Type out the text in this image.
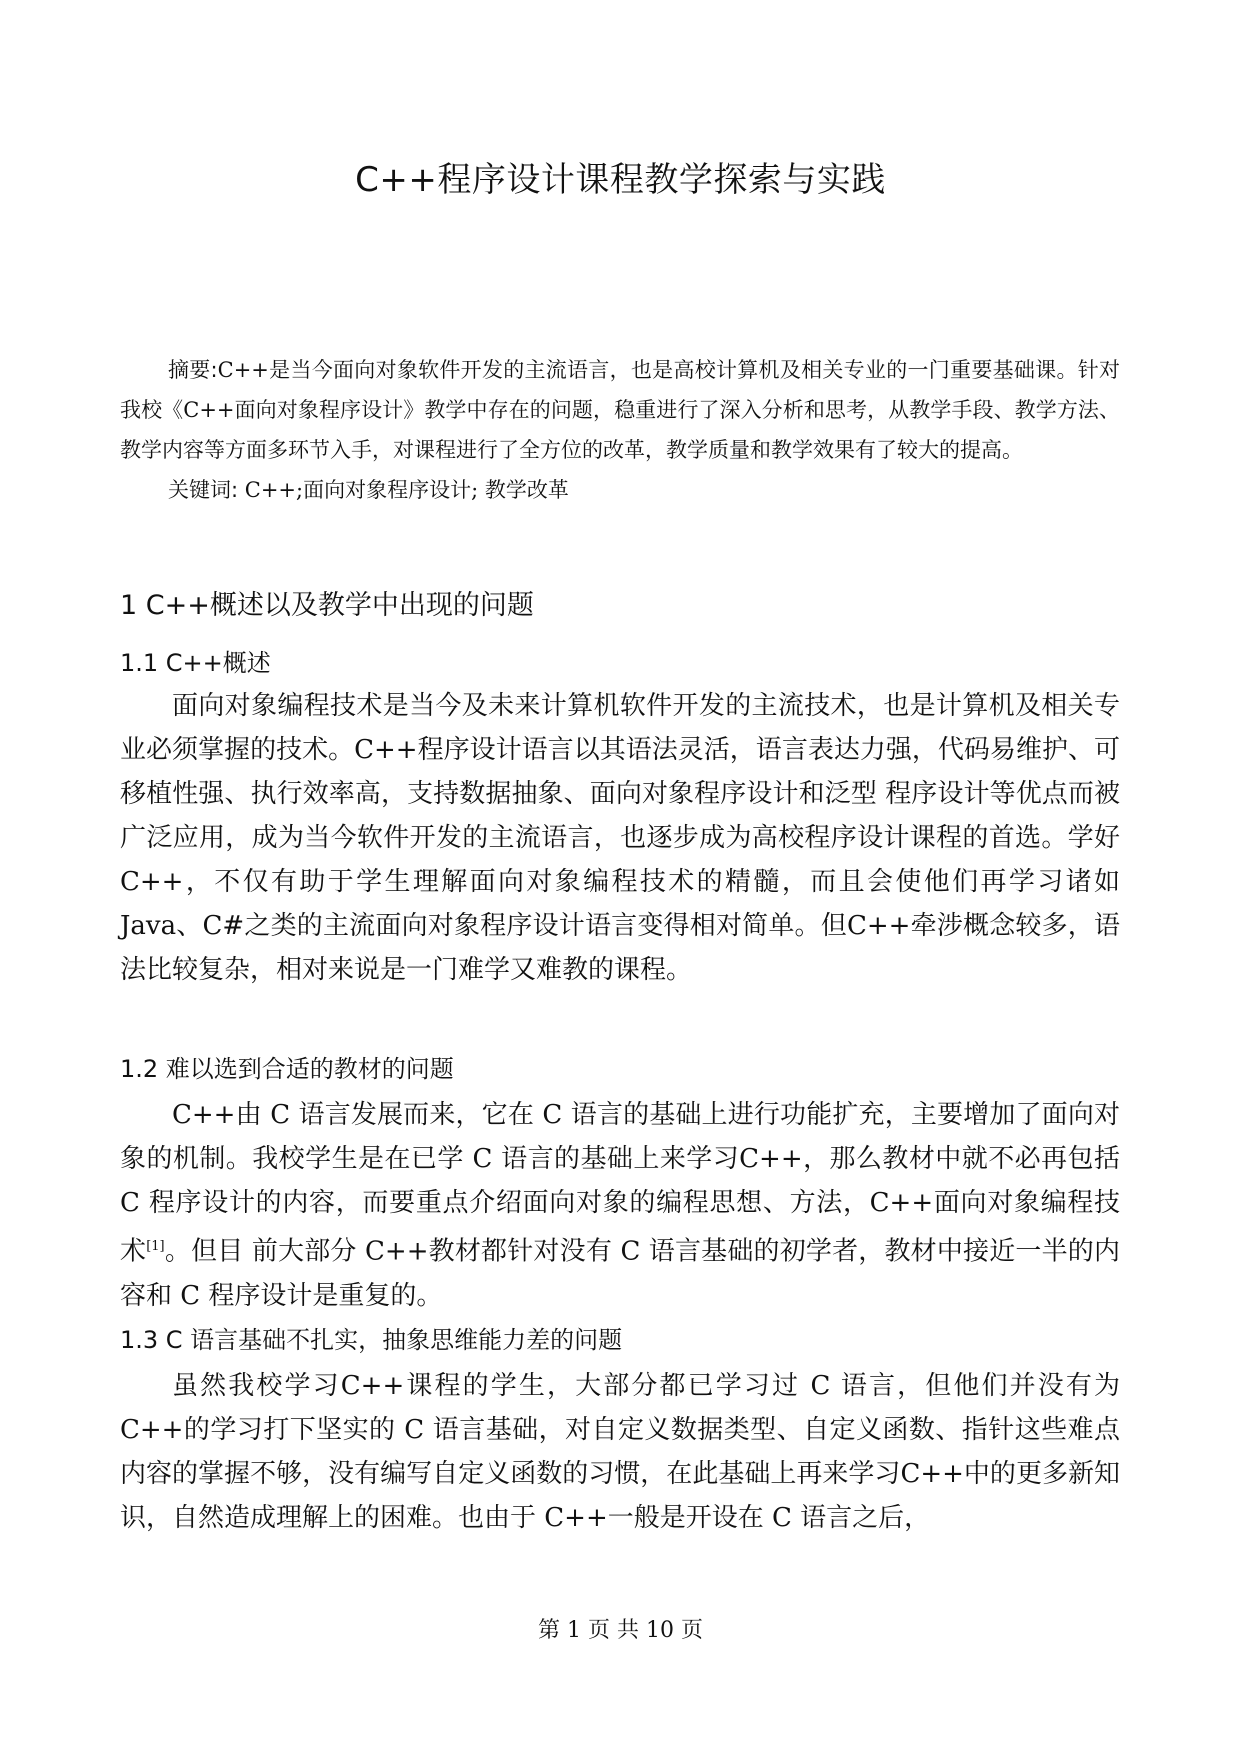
C++程序设计课程教学探索与实践

摘要:C++是当今面向对象软件开发的主流语言，也是高校计算机及相关专业的一门重要基础课。针对我校《C++面向对象程序设计》教学中存在的问题，稳重进行了深入分析和思考，从教学手段、教学方法、教学内容等方面多环节入手，对课程进行了全方位的改革，教学质量和教学效果有了较大的提高。

关键词: C++;面向对象程序设计; 教学改革

1 C++概述以及教学中出现的问题
1.1 C++概述

面向对象编程技术是当今及未来计算机软件开发的主流技术，也是计算机及相关专业必须掌握的技术。C++程序设计语言以其语法灵活，语言表达力强，代码易维护、可移植性强、执行效率高，支持数据抽象、面向对象程序设计和泛型 程序设计等优点而被广泛应用，成为当今软件开发的主流语言，也逐步成为高校程序设计课程的首选。学好 C++，不仅有助于学生理解面向对象编程技术的精髓，而且会使他们再学习诸如 Java、C#之类的主流面向对象程序设计语言变得相对简单。但C++牵涉概念较多，语法比较复杂，相对来说是一门难学又难教的课程。

1.2 难以选到合适的教材的问题

C++由 C 语言发展而来，它在 C 语言的基础上进行功能扩充，主要增加了面向对象的机制。我校学生是在已学 C 语言的基础上来学习C++，那么教材中就不必再包括 C 程序设计的内容，而要重点介绍面向对象的编程思想、方法，C++面向对象编程技术[1]。但目 前大部分 C++教材都针对没有 C 语言基础的初学者，教材中接近一半的内容和 C 程序设计是重复的。

1.3 C 语言基础不扎实，抽象思维能力差的问题

虽然我校学习C++课程的学生，大部分都已学习过 C 语言，但他们并没有为C++的学习打下坚实的 C 语言基础，对自定义数据类型、自定义函数、指针这些难点内容的掌握不够，没有编写自定义函数的习惯，在此基础上再来学习C++中的更多新知识，自然造成理解上的困难。也由于 C++一般是开设在 C 语言之后，

第 1 页 共 10 页
